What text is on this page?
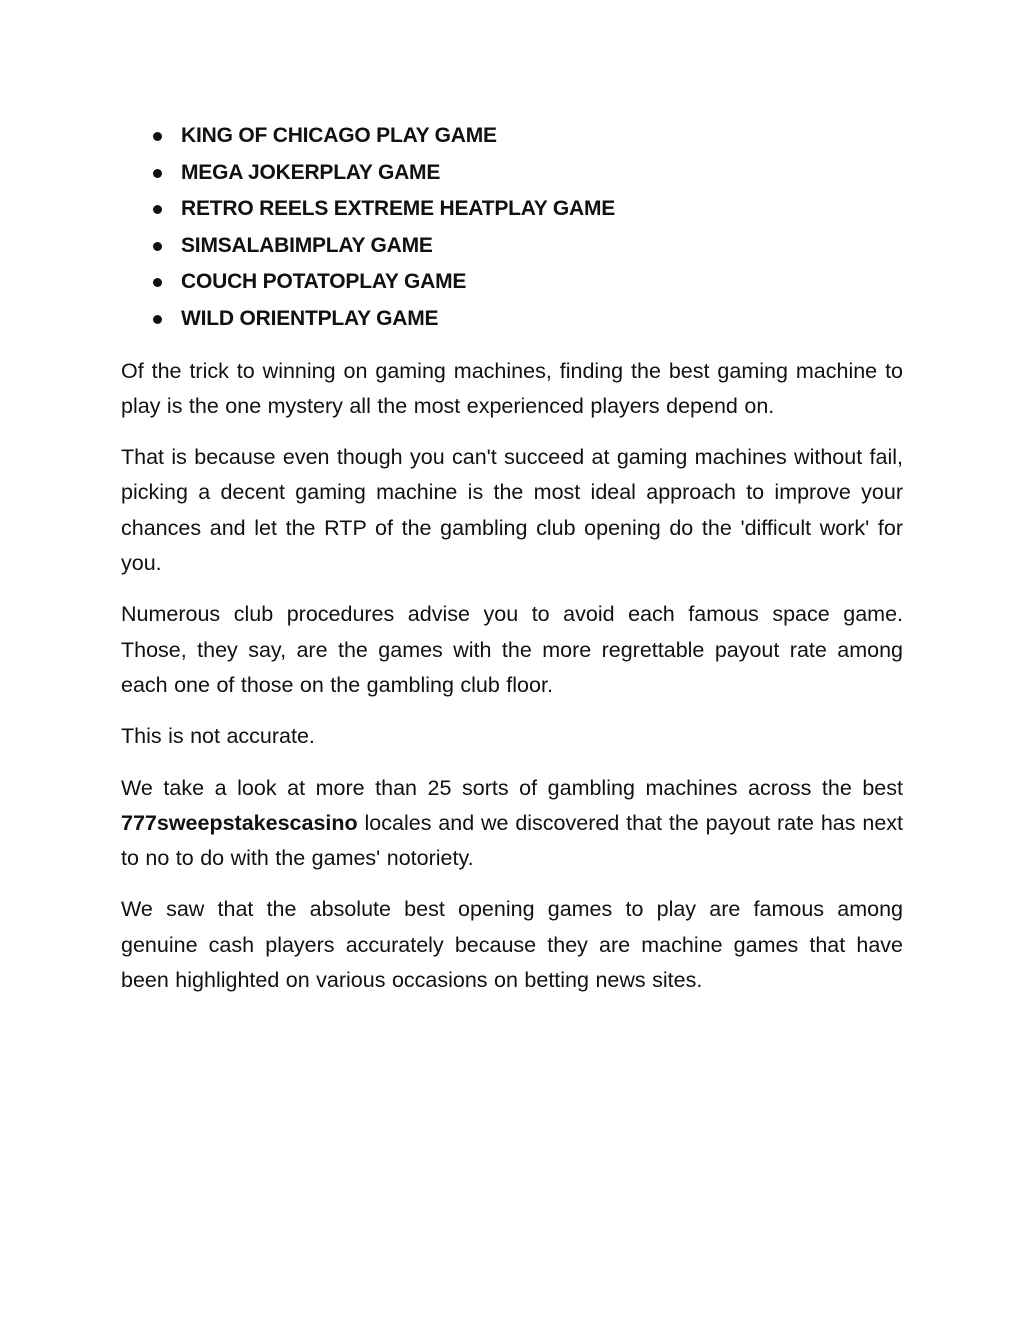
KING OF CHICAGO PLAY GAME
MEGA JOKERPLAY GAME
RETRO REELS EXTREME HEATPLAY GAME
SIMSALABIMPLAY GAME
COUCH POTATOPLAY GAME
WILD ORIENTPLAY GAME

Of the trick to winning on gaming machines, finding the best gaming machine to play is the one mystery all the most experienced players depend on.

That is because even though you can't succeed at gaming machines without fail, picking a decent gaming machine is the most ideal approach to improve your chances and let the RTP of the gambling club opening do the 'difficult work' for you.

Numerous club procedures advise you to avoid each famous space game. Those, they say, are the games with the more regrettable payout rate among each one of those on the gambling club floor.

This is not accurate.

We take a look at more than 25 sorts of gambling machines across the best 777sweepstakescasino locales and we discovered that the payout rate has next to no to do with the games' notoriety.

We saw that the absolute best opening games to play are famous among genuine cash players accurately because they are machine games that have been highlighted on various occasions on betting news sites.
